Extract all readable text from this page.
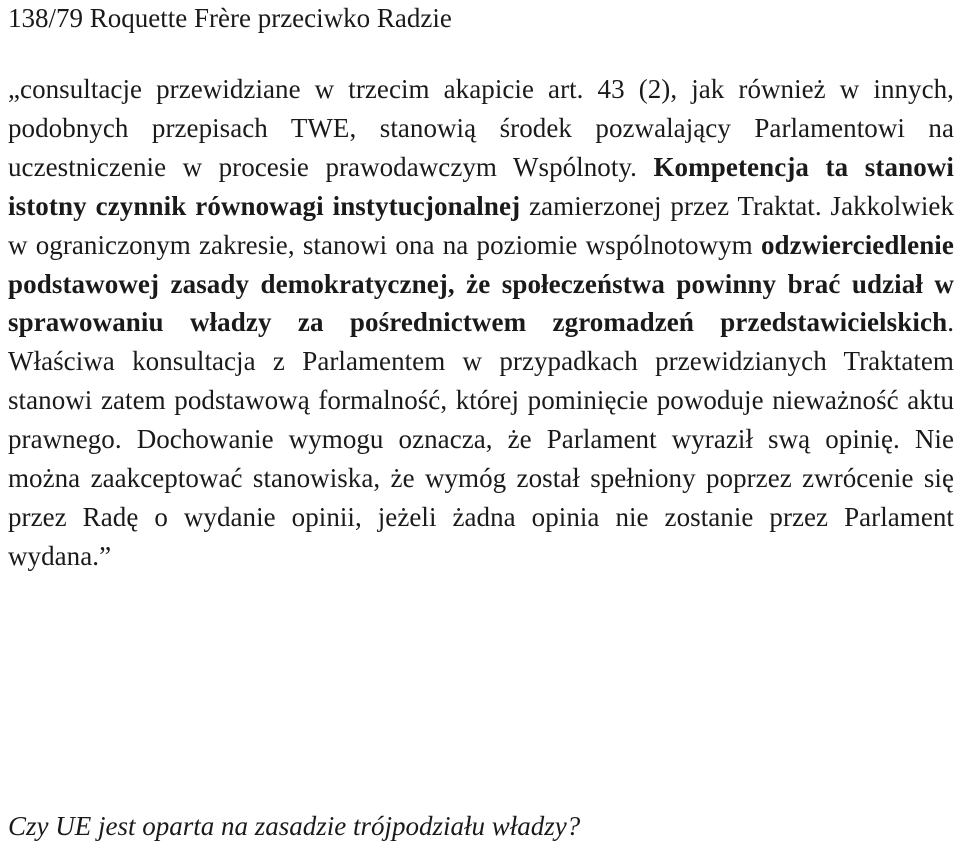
138/79 Roquette Frère przeciwko Radzie

„consultacje przewidziane w trzecim akapicie art. 43 (2), jak również w innych, podobnych przepisach TWE, stanowią środek pozwalający Parlamentowi na uczestniczenie w procesie prawodawczym Wspólnoty. Kompetencja ta stanowi istotny czynnik równowagi instytucjonalnej zamierzonej przez Traktat. Jakkolwiek w ograniczonym zakresie, stanowi ona na poziomie wspólnotowym odzwierciedlenie podstawowej zasady demokratycznej, że społeczeństwa powinny brać udział w sprawowaniu władzy za pośrednictwem zgromadzeń przedstawicielskich. Właściwa konsultacja z Parlamentem w przypadkach przewidzianych Traktatem stanowi zatem podstawową formalność, której pominięcie powoduje nieważność aktu prawnego. Dochowanie wymogu oznacza, że Parlament wyraził swą opinię. Nie można zaakceptować stanowiska, że wymóg został spełniony poprzez zwrócenie się przez Radę o wydanie opinii, jeżeli żadna opinia nie zostanie przez Parlament wydana.”

Czy UE jest oparta na zasadzie trójpodziału władzy?
